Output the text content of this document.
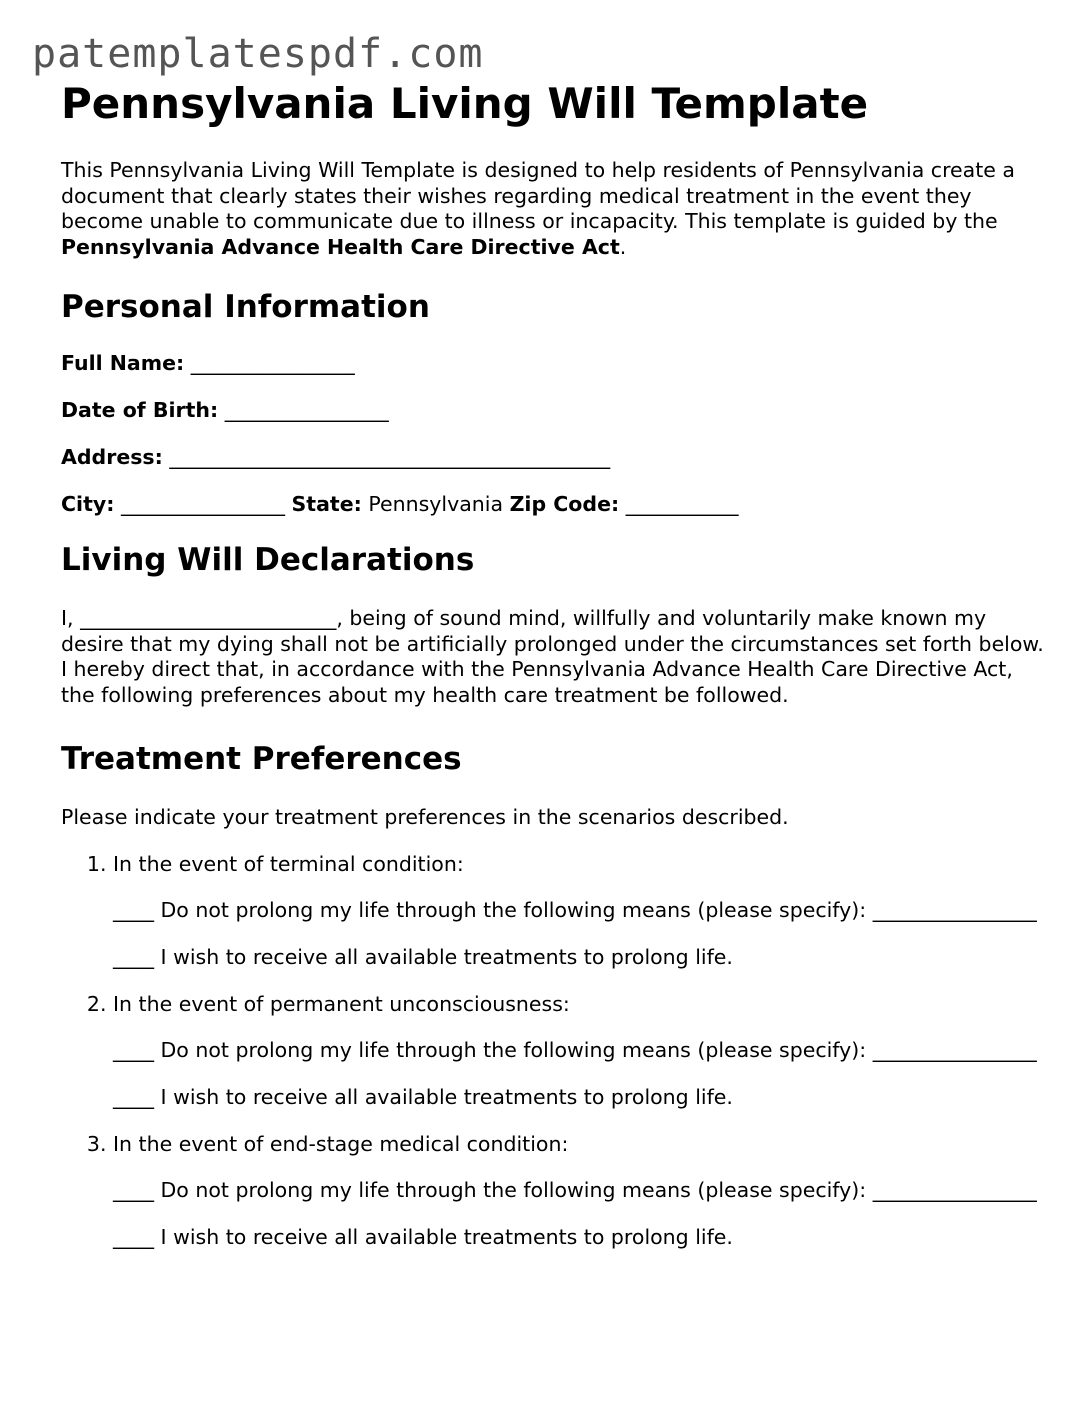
patemplatespdf.com
Pennsylvania Living Will Template

This Pennsylvania Living Will Template is designed to help residents of Pennsylvania create a document that clearly states their wishes regarding medical treatment in the event they become unable to communicate due to illness or incapacity. This template is guided by the Pennsylvania Advance Health Care Directive Act.

Personal Information

Full Name: ________________

Date of Birth: ________________

Address: ___________________________________________

City: ________________ State: Pennsylvania Zip Code: ___________

Living Will Declarations

I, _________________________, being of sound mind, willfully and voluntarily make known my desire that my dying shall not be artificially prolonged under the circumstances set forth below. I hereby direct that, in accordance with the Pennsylvania Advance Health Care Directive Act, the following preferences about my health care treatment be followed.

Treatment Preferences

Please indicate your treatment preferences in the scenarios described.

1. In the event of terminal condition:

____ Do not prolong my life through the following means (please specify): ________________

____ I wish to receive all available treatments to prolong life.

2. In the event of permanent unconsciousness:

____ Do not prolong my life through the following means (please specify): ________________

____ I wish to receive all available treatments to prolong life.

3. In the event of end-stage medical condition:

____ Do not prolong my life through the following means (please specify): ________________

____ I wish to receive all available treatments to prolong life.
